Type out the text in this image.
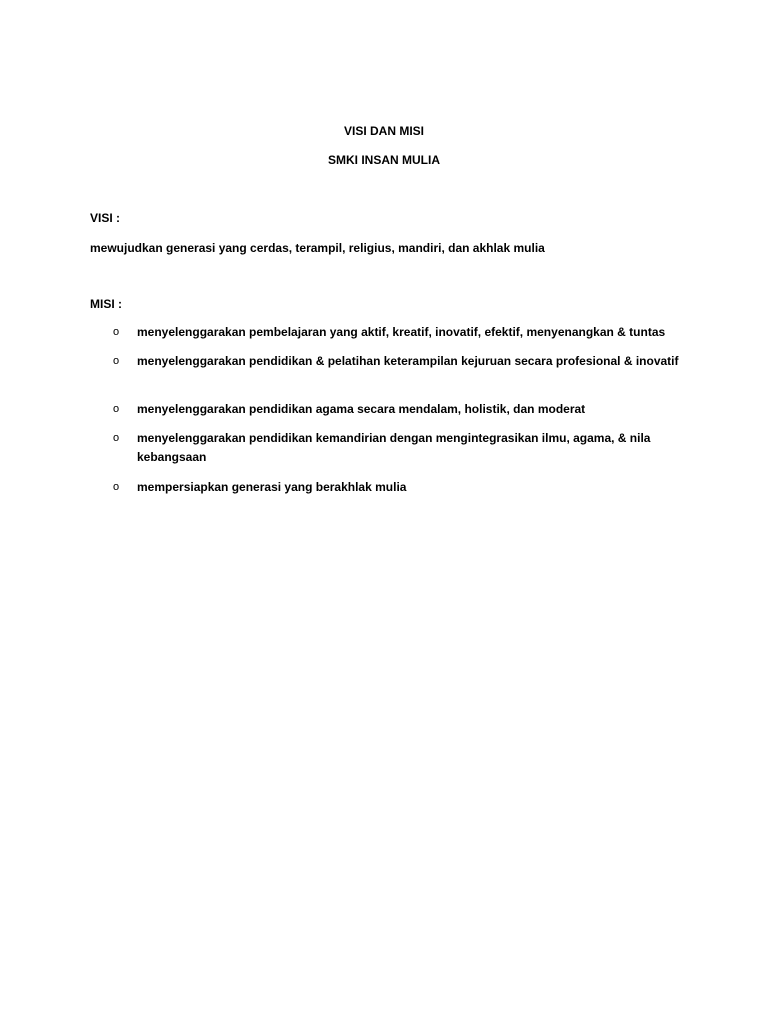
VISI DAN MISI
SMKI INSAN MULIA
VISI :
mewujudkan generasi yang cerdas, terampil, religius, mandiri, dan akhlak mulia
MISI :
o menyelenggarakan pembelajaran yang aktif, kreatif, inovatif, efektif, menyenangkan & tuntas
o menyelenggarakan pendidikan & pelatihan keterampilan kejuruan secara profesional & inovatif
o menyelenggarakan pendidikan agama secara mendalam, holistik, dan moderat
o menyelenggarakan pendidikan kemandirian dengan mengintegrasikan ilmu, agama, & nila kebangsaan
o mempersiapkan generasi yang berakhlak mulia
